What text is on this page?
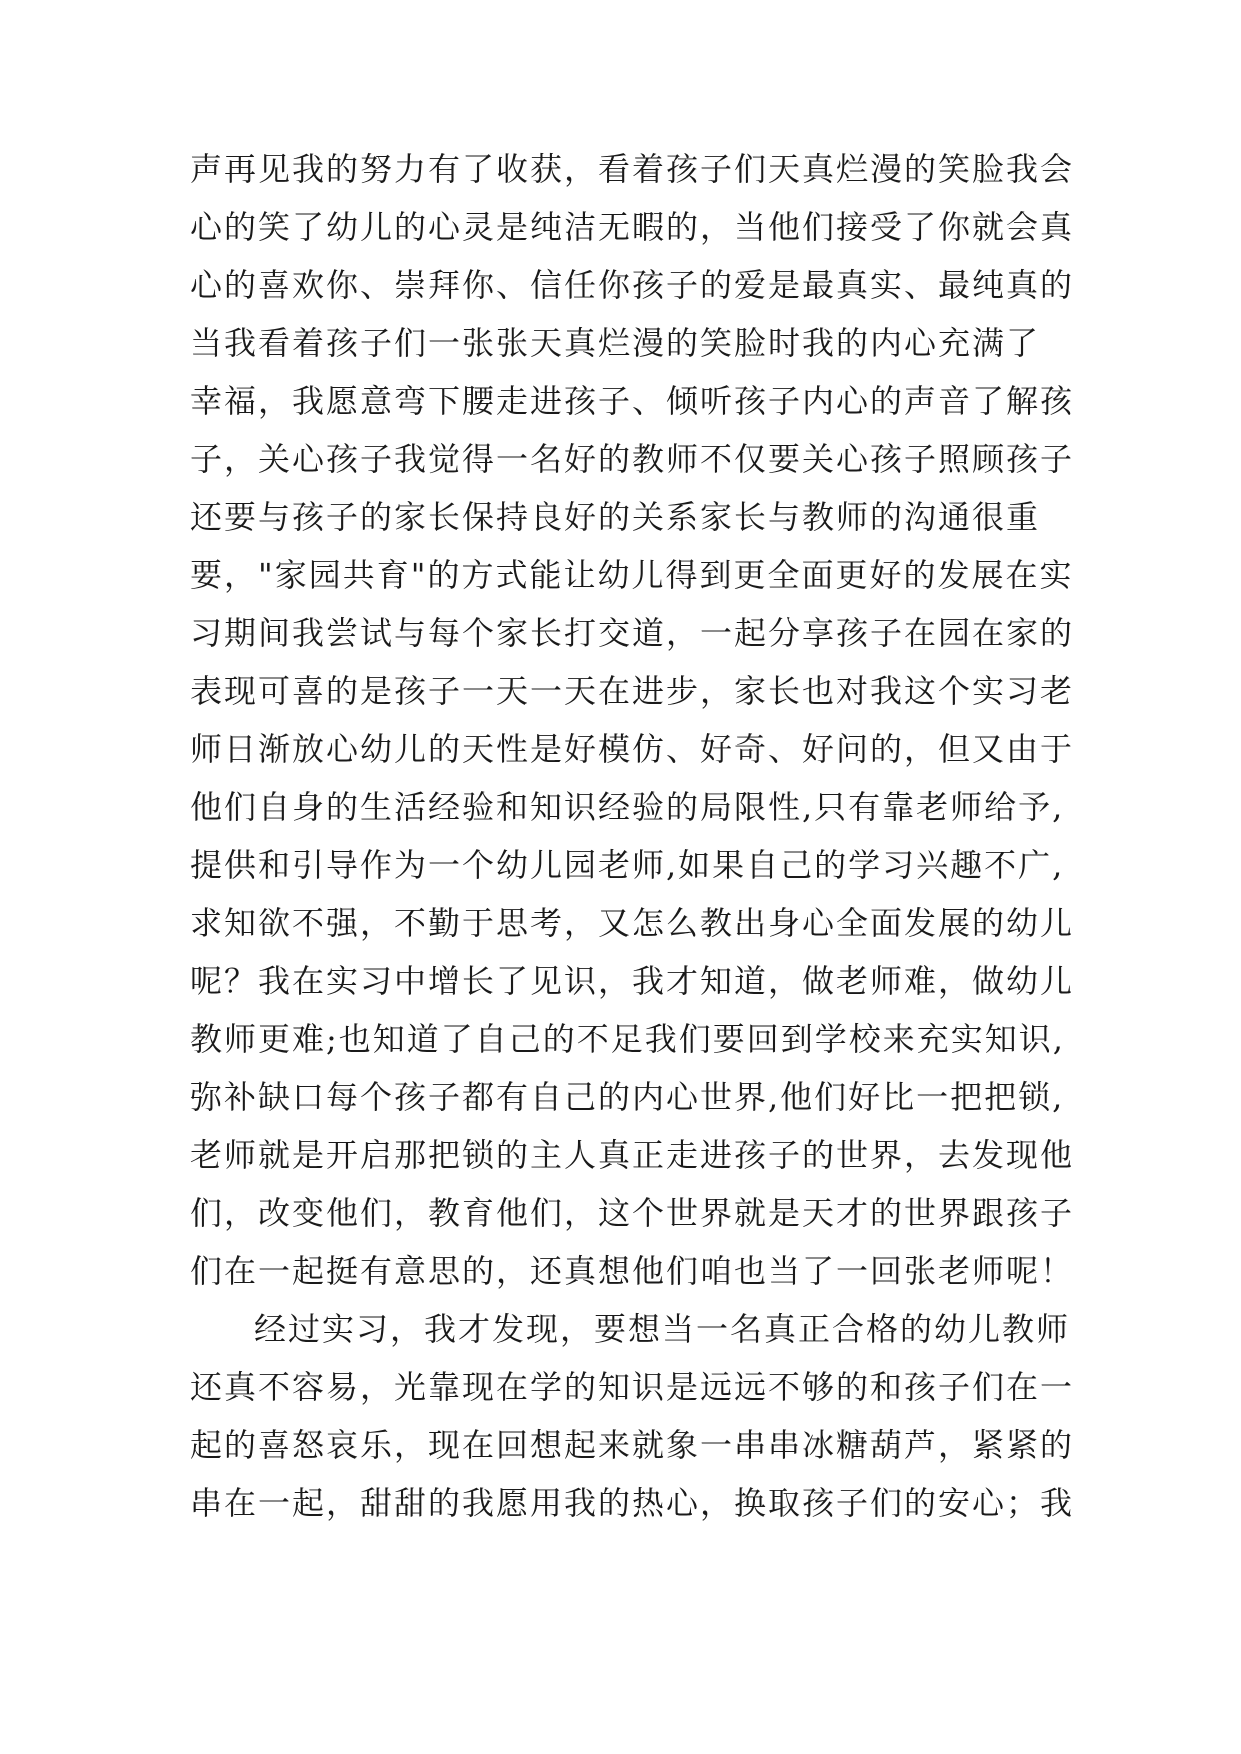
声再见我的努力有了收获，看着孩子们天真烂漫的笑脸我会
心的笑了幼儿的心灵是纯洁无暇的，当他们接受了你就会真
心的喜欢你、崇拜你、信任你孩子的爱是最真实、最纯真的
当我看着孩子们一张张天真烂漫的笑脸时我的内心充满了
幸福，我愿意弯下腰走进孩子、倾听孩子内心的声音了解孩
子，关心孩子我觉得一名好的教师不仅要关心孩子照顾孩子
还要与孩子的家长保持良好的关系家长与教师的沟通很重
要，"家园共育"的方式能让幼儿得到更全面更好的发展在实
习期间我尝试与每个家长打交道，一起分享孩子在园在家的
表现可喜的是孩子一天一天在进步，家长也对我这个实习老
师日渐放心幼儿的天性是好模仿、好奇、好问的，但又由于
他们自身的生活经验和知识经验的局限性,只有靠老师给予,
提供和引导作为一个幼儿园老师,如果自己的学习兴趣不广,
求知欲不强，不勤于思考，又怎么教出身心全面发展的幼儿
呢？我在实习中增长了见识，我才知道，做老师难，做幼儿
教师更难;也知道了自己的不足我们要回到学校来充实知识,
弥补缺口每个孩子都有自己的内心世界,他们好比一把把锁,
老师就是开启那把锁的主人真正走进孩子的世界，去发现他
们，改变他们，教育他们，这个世界就是天才的世界跟孩子
们在一起挺有意思的，还真想他们咱也当了一回张老师呢！
经过实习，我才发现，要想当一名真正合格的幼儿教师
还真不容易，光靠现在学的知识是远远不够的和孩子们在一
起的喜怒哀乐，现在回想起来就象一串串冰糖葫芦，紧紧的
串在一起，甜甜的我愿用我的热心，换取孩子们的安心；我
